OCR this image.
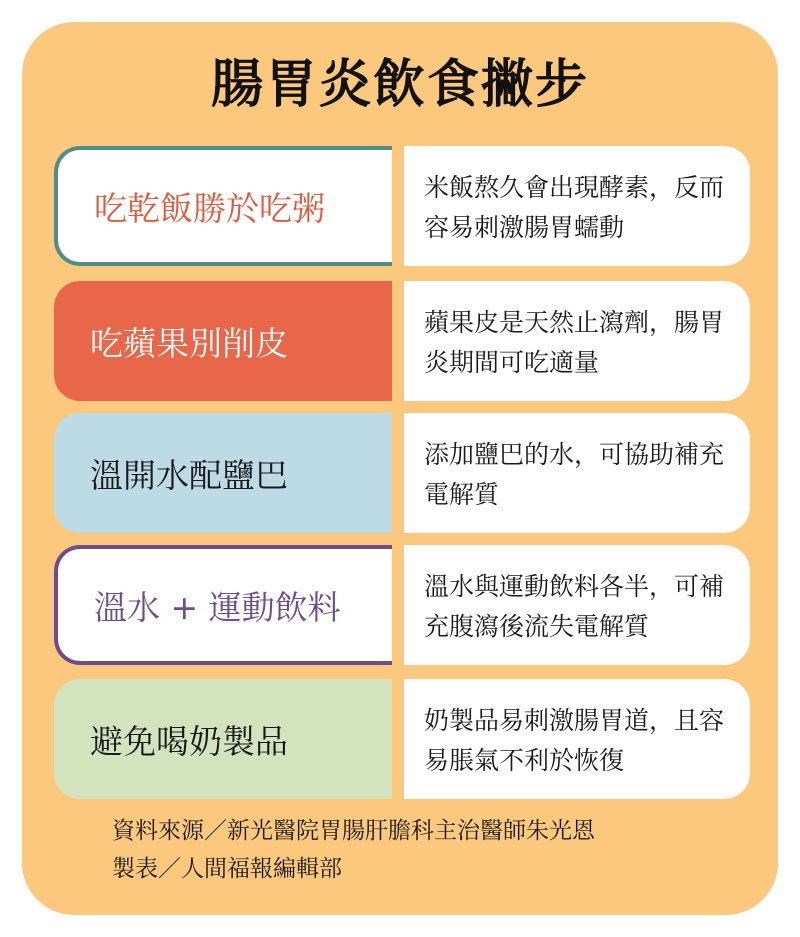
腸胃炎飲食撇步
吃乾飯勝於吃粥
米飯熬久會出現酵素，反而容易刺激腸胃蠕動
吃蘋果別削皮
蘋果皮是天然止瀉劑，腸胃炎期間可吃適量
溫開水配鹽巴
添加鹽巴的水，可協助補充電解質
溫水 + 運動飲料
溫水與運動飲料各半，可補充腹瀉後流失電解質
避免喝奶製品
奶製品易刺激腸胃道，且容易脹氣不利於恢復
資料來源／新光醫院胃腸肝膽科主治醫師朱光恩
製表／人間福報編輯部
